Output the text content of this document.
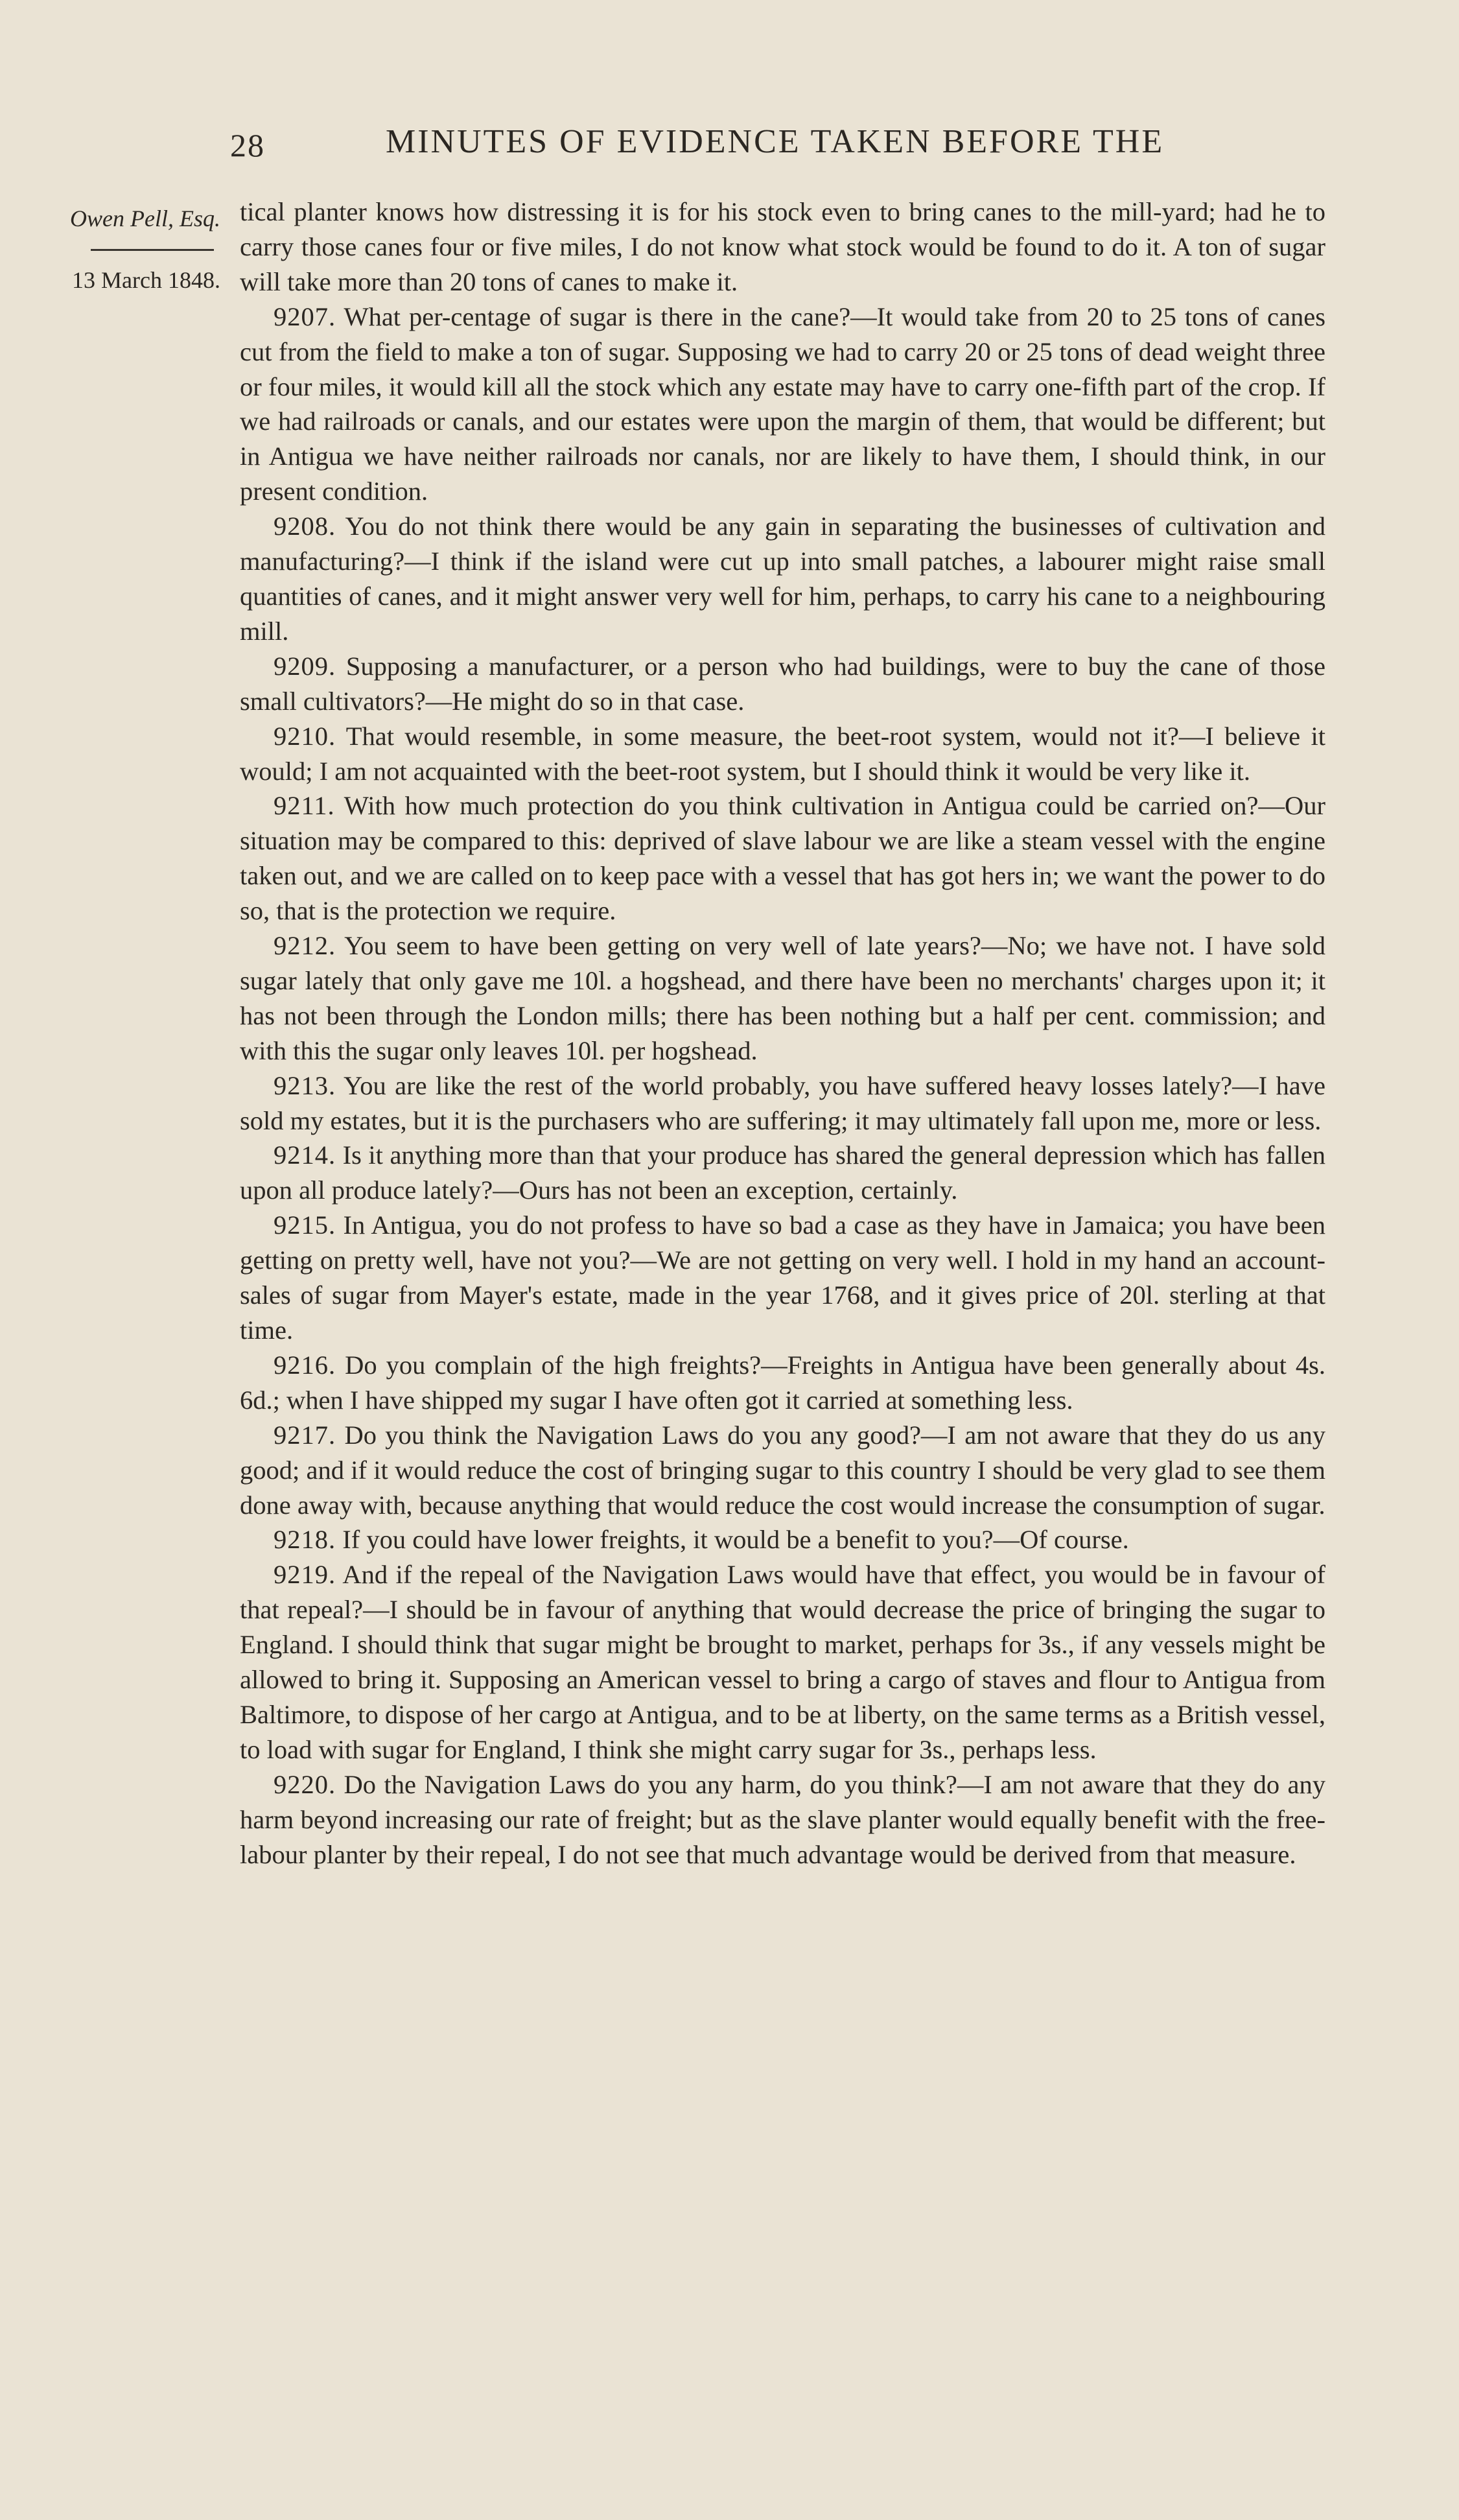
28	MINUTES OF EVIDENCE TAKEN BEFORE THE
Owen Pell, Esq.
13 March 1848.

tical planter knows how distressing it is for his stock even to bring canes to the mill-yard; had he to carry those canes four or five miles, I do not know what stock would be found to do it. A ton of sugar will take more than 20 tons of canes to make it.

9207. What per-centage of sugar is there in the cane?—It would take from 20 to 25 tons of canes cut from the field to make a ton of sugar. Supposing we had to carry 20 or 25 tons of dead weight three or four miles, it would kill all the stock which any estate may have to carry one-fifth part of the crop. If we had railroads or canals, and our estates were upon the margin of them, that would be different; but in Antigua we have neither railroads nor canals, nor are likely to have them, I should think, in our present condition.

9208. You do not think there would be any gain in separating the businesses of cultivation and manufacturing?—I think if the island were cut up into small patches, a labourer might raise small quantities of canes, and it might answer very well for him, perhaps, to carry his cane to a neighbouring mill.

9209. Supposing a manufacturer, or a person who had buildings, were to buy the cane of those small cultivators?—He might do so in that case.

9210. That would resemble, in some measure, the beet-root system, would not it?—I believe it would; I am not acquainted with the beet-root system, but I should think it would be very like it.

9211. With how much protection do you think cultivation in Antigua could be carried on?—Our situation may be compared to this: deprived of slave labour we are like a steam vessel with the engine taken out, and we are called on to keep pace with a vessel that has got hers in; we want the power to do so, that is the protection we require.

9212. You seem to have been getting on very well of late years?—No; we have not. I have sold sugar lately that only gave me 10l. a hogshead, and there have been no merchants' charges upon it; it has not been through the London mills; there has been nothing but a half per cent. commission; and with this the sugar only leaves 10l. per hogshead.

9213. You are like the rest of the world probably, you have suffered heavy losses lately?—I have sold my estates, but it is the purchasers who are suffering; it may ultimately fall upon me, more or less.

9214. Is it anything more than that your produce has shared the general depression which has fallen upon all produce lately?—Ours has not been an exception, certainly.

9215. In Antigua, you do not profess to have so bad a case as they have in Jamaica; you have been getting on pretty well, have not you?—We are not getting on very well. I hold in my hand an account-sales of sugar from Mayer's estate, made in the year 1768, and it gives price of 20l. sterling at that time.

9216. Do you complain of the high freights?—Freights in Antigua have been generally about 4s. 6d.; when I have shipped my sugar I have often got it carried at something less.

9217. Do you think the Navigation Laws do you any good?—I am not aware that they do us any good; and if it would reduce the cost of bringing sugar to this country I should be very glad to see them done away with, because anything that would reduce the cost would increase the consumption of sugar.

9218. If you could have lower freights, it would be a benefit to you?—Of course.

9219. And if the repeal of the Navigation Laws would have that effect, you would be in favour of that repeal?—I should be in favour of anything that would decrease the price of bringing the sugar to England. I should think that sugar might be brought to market, perhaps for 3s., if any vessels might be allowed to bring it. Supposing an American vessel to bring a cargo of staves and flour to Antigua from Baltimore, to dispose of her cargo at Antigua, and to be at liberty, on the same terms as a British vessel, to load with sugar for England, I think she might carry sugar for 3s., perhaps less.

9220. Do the Navigation Laws do you any harm, do you think?—I am not aware that they do any harm beyond increasing our rate of freight; but as the slave planter would equally benefit with the free-labour planter by their repeal, I do not see that much advantage would be derived from that measure.
